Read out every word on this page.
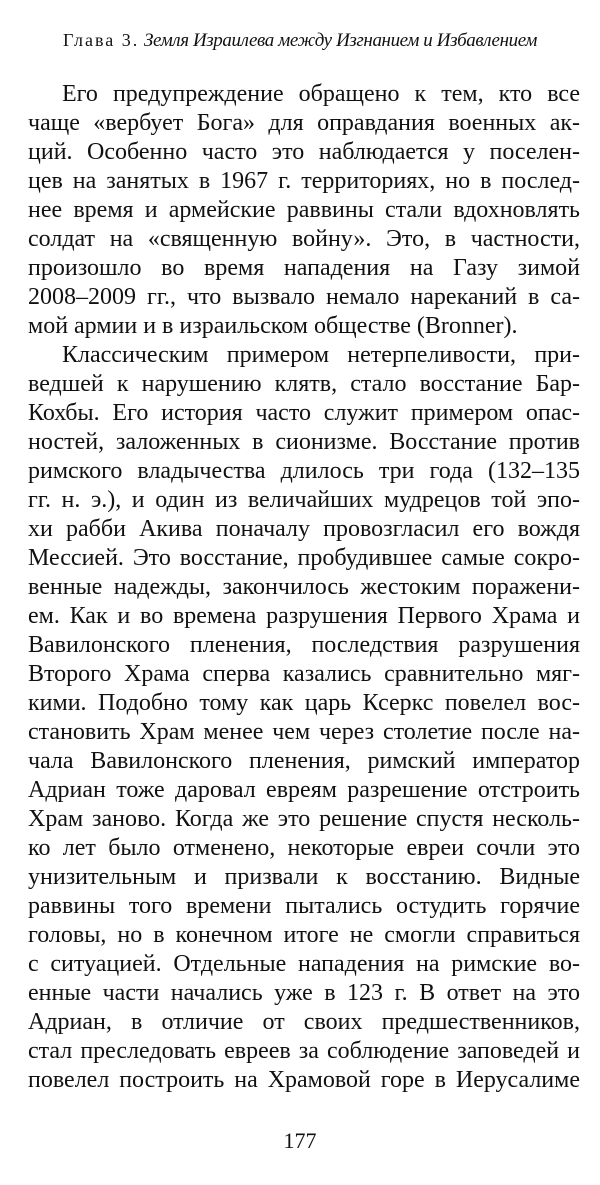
Глава 3. Земля Израилева между Изгнанием и Избавлением
Его предупреждение обращено к тем, кто все
чаще «вербует Бога» для оправдания военных ак-
ций. Особенно часто это наблюдается у поселен-
цев на занятых в 1967 г. территориях, но в послед-
нее время и армейские раввины стали вдохновлять
солдат на «священную войну». Это, в частности,
произошло во время нападения на Газу зимой
2008–2009 гг., что вызвало немало нареканий в са-
мой армии и в израильском обществе (Bronner).
Классическим примером нетерпеливости, при-
ведшей к нарушению клятв, стало восстание Бар-
Кохбы. Его история часто служит примером опас-
ностей, заложенных в сионизме. Восстание против
римского владычества длилось три года (132–135
гг. н. э.), и один из величайших мудрецов той эпо-
хи рабби Акива поначалу провозгласил его вождя
Мессией. Это восстание, пробудившее самые сокро-
венные надежды, закончилось жестоким поражени-
ем. Как и во времена разрушения Первого Храма и
Вавилонского пленения, последствия разрушения
Второго Храма сперва казались сравнительно мяг-
кими. Подобно тому как царь Ксеркс повелел вос-
становить Храм менее чем через столетие после на-
чала Вавилонского пленения, римский император
Адриан тоже даровал евреям разрешение отстроить
Храм заново. Когда же это решение спустя несколь-
ко лет было отменено, некоторые евреи сочли это
унизительным и призвали к восстанию. Видные
раввины того времени пытались остудить горячие
головы, но в конечном итоге не смогли справиться
с ситуацией. Отдельные нападения на римские во-
енные части начались уже в 123 г. В ответ на это
Адриан, в отличие от своих предшественников,
стал преследовать евреев за соблюдение заповедей и
повелел построить на Храмовой горе в Иерусалиме
177
